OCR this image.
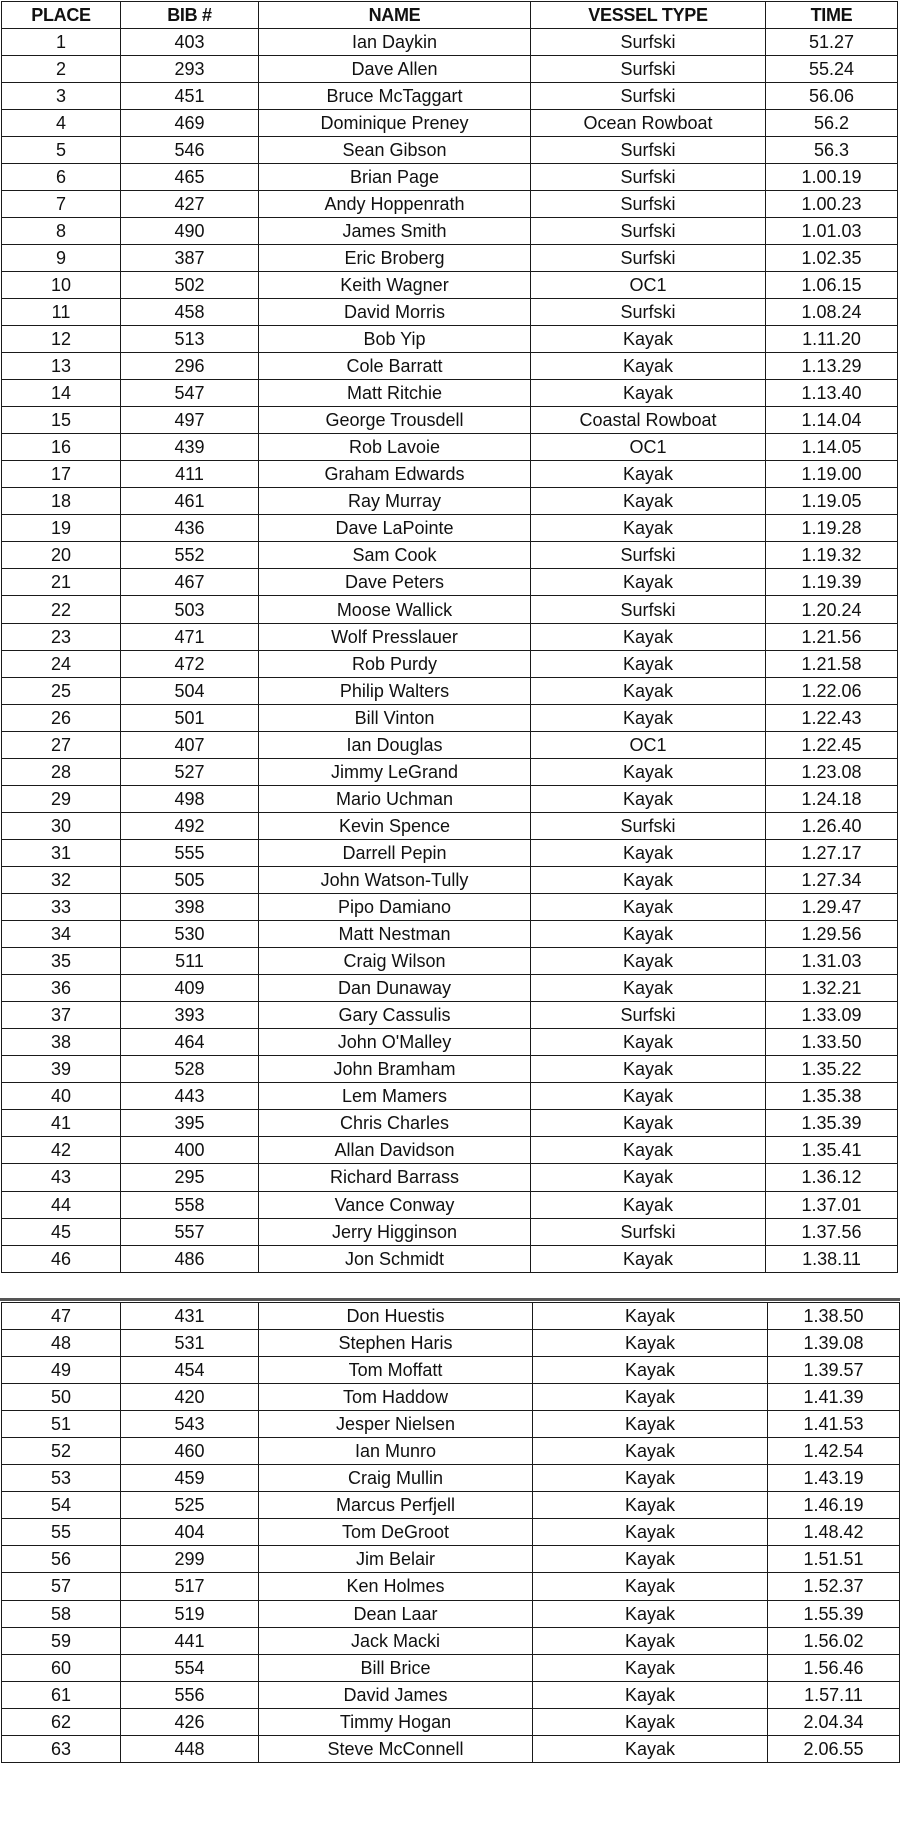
PLACE	BIB #	NAME	VESSEL TYPE	TIME
1	403	Ian Daykin	Surfski	51.27
2	293	Dave Allen	Surfski	55.24
3	451	Bruce McTaggart	Surfski	56.06
4	469	Dominique Preney	Ocean Rowboat	56.2
5	546	Sean Gibson	Surfski	56.3
6	465	Brian Page	Surfski	1.00.19
7	427	Andy Hoppenrath	Surfski	1.00.23
8	490	James Smith	Surfski	1.01.03
9	387	Eric Broberg	Surfski	1.02.35
10	502	Keith Wagner	OC1	1.06.15
11	458	David Morris	Surfski	1.08.24
12	513	Bob Yip	Kayak	1.11.20
13	296	Cole Barratt	Kayak	1.13.29
14	547	Matt Ritchie	Kayak	1.13.40
15	497	George Trousdell	Coastal Rowboat	1.14.04
16	439	Rob Lavoie	OC1	1.14.05
17	411	Graham Edwards	Kayak	1.19.00
18	461	Ray Murray	Kayak	1.19.05
19	436	Dave LaPointe	Kayak	1.19.28
20	552	Sam Cook	Surfski	1.19.32
21	467	Dave Peters	Kayak	1.19.39
22	503	Moose Wallick	Surfski	1.20.24
23	471	Wolf Presslauer	Kayak	1.21.56
24	472	Rob Purdy	Kayak	1.21.58
25	504	Philip Walters	Kayak	1.22.06
26	501	Bill Vinton	Kayak	1.22.43
27	407	Ian Douglas	OC1	1.22.45
28	527	Jimmy LeGrand	Kayak	1.23.08
29	498	Mario Uchman	Kayak	1.24.18
30	492	Kevin Spence	Surfski	1.26.40
31	555	Darrell Pepin	Kayak	1.27.17
32	505	John Watson-Tully	Kayak	1.27.34
33	398	Pipo Damiano	Kayak	1.29.47
34	530	Matt Nestman	Kayak	1.29.56
35	511	Craig Wilson	Kayak	1.31.03
36	409	Dan Dunaway	Kayak	1.32.21
37	393	Gary Cassulis	Surfski	1.33.09
38	464	John O'Malley	Kayak	1.33.50
39	528	John Bramham	Kayak	1.35.22
40	443	Lem Mamers	Kayak	1.35.38
41	395	Chris Charles	Kayak	1.35.39
42	400	Allan Davidson	Kayak	1.35.41
43	295	Richard Barrass	Kayak	1.36.12
44	558	Vance Conway	Kayak	1.37.01
45	557	Jerry Higginson	Surfski	1.37.56
46	486	Jon Schmidt	Kayak	1.38.11
47	431	Don Huestis	Kayak	1.38.50
48	531	Stephen Haris	Kayak	1.39.08
49	454	Tom Moffatt	Kayak	1.39.57
50	420	Tom Haddow	Kayak	1.41.39
51	543	Jesper Nielsen	Kayak	1.41.53
52	460	Ian Munro	Kayak	1.42.54
53	459	Craig Mullin	Kayak	1.43.19
54	525	Marcus Perfjell	Kayak	1.46.19
55	404	Tom DeGroot	Kayak	1.48.42
56	299	Jim Belair	Kayak	1.51.51
57	517	Ken Holmes	Kayak	1.52.37
58	519	Dean Laar	Kayak	1.55.39
59	441	Jack Macki	Kayak	1.56.02
60	554	Bill Brice	Kayak	1.56.46
61	556	David James	Kayak	1.57.11
62	426	Timmy Hogan	Kayak	2.04.34
63	448	Steve McConnell	Kayak	2.06.55
